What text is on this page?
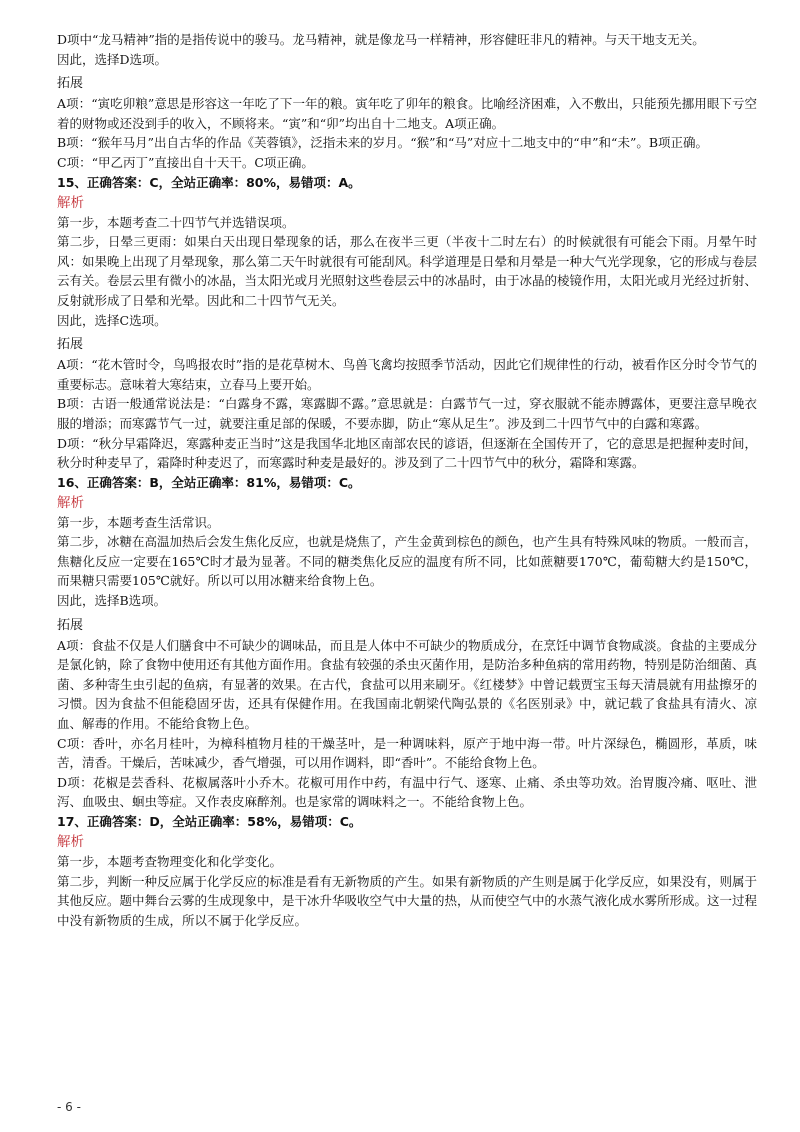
D项中“龙马精神”指的是指传说中的骏马。龙马精神，就是像龙马一样精神，形容健旺非凡的精神。与天干地支无关。

因此，选择D选项。

拓展

A项：“寅吃卯粮”意思是形容这一年吃了下一年的粮。寅年吃了卯年的粮食。比喻经济困难，入不敷出，只能预先挪用眼下亏空着的财物或还没到手的收入，不顾将来。“寅”和“卯”均出自十二地支。A项正确。

B项：“猴年马月”出自古华的作品《芙蓉镇》，泛指未来的岁月。“猴”和“马”对应十二地支中的“申”和“未”。B项正确。

C项：“甲乙丙丁”直接出自十天干。C项正确。

15、正确答案：C，全站正确率：80%，易错项：A。

解析

第一步，本题考查二十四节气并选错误项。

第二步，日晕三更雨：如果白天出现日晕现象的话，那么在夜半三更（半夜十二时左右）的时候就很有可能会下雨。月晕午时风：如果晚上出现了月晕现象，那么第二天午时就很有可能刮风。科学道理是日晕和月晕是一种大气光学现象，它的形成与卷层云有关。卷层云里有微小的冰晶，当太阳光或月光照射这些卷层云中的冰晶时，由于冰晶的棱镜作用，太阳光或月光经过折射、反射就形成了日晕和光晕。因此和二十四节气无关。

因此，选择C选项。

拓展

A项：“花木管时令，鸟鸣报农时”指的是花草树木、鸟兽飞禽均按照季节活动，因此它们规律性的行动，被看作区分时令节气的重要标志。意味着大寒结束，立春马上要开始。

B项：古语一般通常说法是：“白露身不露，寒露脚不露。”意思就是：白露节气一过，穿衣服就不能赤膊露体，更要注意早晚衣服的增添；而寒露节气一过，就要注重足部的保暖，不要赤脚，防止“寒从足生”。涉及到二十四节气中的白露和寒露。

D项：“秋分早霜降迟，寒露种麦正当时”这是我国华北地区南部农民的谚语，但逐渐在全国传开了，它的意思是把握种麦时间，秋分时种麦早了，霜降时种麦迟了，而寒露时种麦是最好的。涉及到了二十四节气中的秋分，霜降和寒露。

16、正确答案：B，全站正确率：81%，易错项：C。

解析

第一步，本题考查生活常识。

第二步，冰糖在高温加热后会发生焦化反应，也就是烧焦了，产生金黄到棕色的颜色，也产生具有特殊风味的物质。一般而言，焦糖化反应一定要在165℃时才最为显著。不同的糖类焦化反应的温度有所不同，比如蔗糖要170℃，葡萄糖大约是150℃，而果糖只需要105℃就好。所以可以用冰糖来给食物上色。

因此，选择B选项。

拓展

A项：食盐不仅是人们膳食中不可缺少的调味品，而且是人体中不可缺少的物质成分，在烹饪中调节食物咸淡。食盐的主要成分是氯化钠，除了食物中使用还有其他方面作用。食盐有较强的杀虫灭菌作用，是防治多种鱼病的常用药物，特别是防治细菌、真菌、多种寄生虫引起的鱼病，有显著的效果。在古代，食盐可以用来刷牙。《红楼梦》中曾记载贾宝玉每天清晨就有用盐擦牙的习惯。因为食盐不但能稳固牙齿，还具有保健作用。在我国南北朝梁代陶弘景的《名医别录》中，就记载了食盐具有清火、凉血、解毒的作用。不能给食物上色。

C项：香叶，亦名月桂叶，为樟科植物月桂的干燥茎叶，是一种调味料，原产于地中海一带。叶片深绿色，椭圆形，革质，味苦，清香。干燥后，苦味减少，香气增强，可以用作调料，即“香叶”。不能给食物上色。

D项：花椒是芸香科、花椒属落叶小乔木。花椒可用作中药，有温中行气、逐寒、止痛、杀虫等功效。治胃腹冷痛、呕吐、泄泻、血吸虫、蛔虫等症。又作表皮麻醉剂。也是家常的调味料之一。不能给食物上色。

17、正确答案：D，全站正确率：58%，易错项：C。

解析

第一步，本题考查物理变化和化学变化。

第二步，判断一种反应属于化学反应的标准是看有无新物质的产生。如果有新物质的产生则是属于化学反应，如果没有，则属于其他反应。题中舞台云雾的生成现象中，是干冰升华吸收空气中大量的热，从而使空气中的水蒸气液化成水雾所形成。这一过程中没有新物质的生成，所以不属于化学反应。

- 6 -
